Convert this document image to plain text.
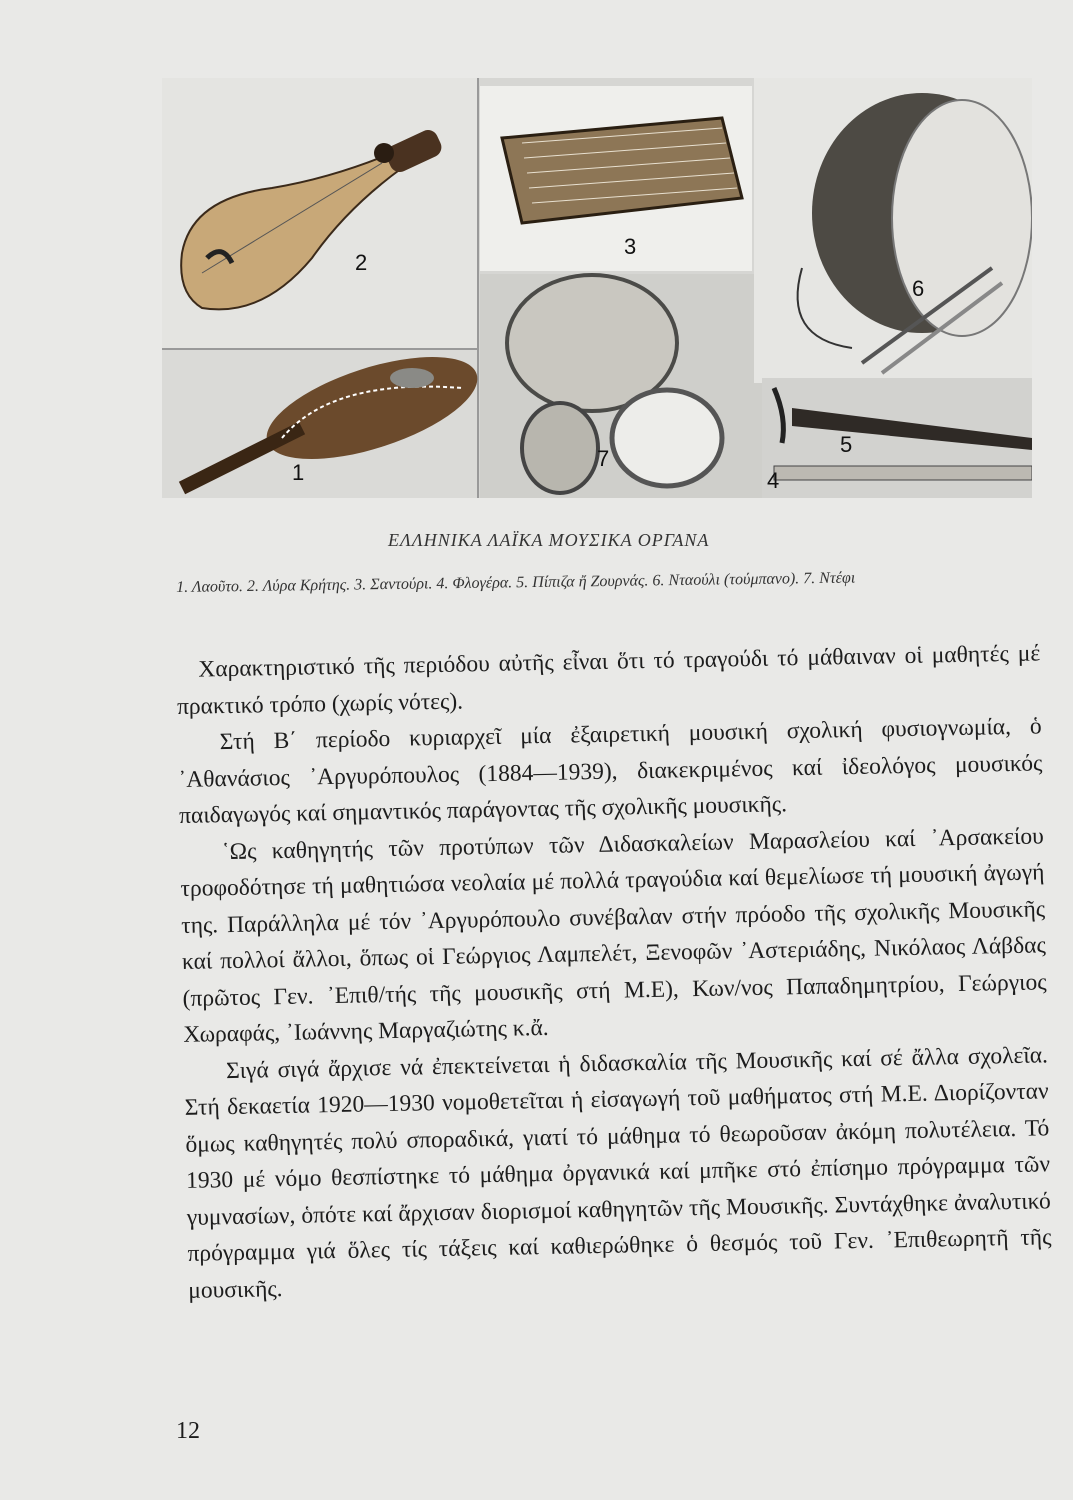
2
1
3
6
5
4
7
ΕΛΛΗΝΙΚΑ ΛΑΪΚΑ ΜΟΥΣΙΚΑ ΟΡΓΑΝΑ
1. Λαοῦτο. 2. Λύρα Κρήτης. 3. Σαντούρι. 4. Φλογέρα. 5. Πίπιζα ἤ Ζουρνάς. 6. Νταούλι (τούμπανο). 7. Ντέφι

Χαρακτηριστικό τῆς περιόδου αὐτῆς εἶναι ὅτι τό τραγούδι τό μάθαιναν οἱ μαθητές μέ πρακτικό τρόπο (χωρίς νότες).

Στή Β΄ περίοδο κυριαρχεῖ μία ἐξαιρετική μουσική σχολική φυσιογνωμία, ὁ ᾿Αθανάσιος ᾿Αργυρόπουλος (1884—1939), διακεκριμένος καί ἰδεολόγος μουσικός παιδαγωγός καί σημαντικός παράγοντας τῆς σχολικῆς μουσικῆς.

῾Ως καθηγητής τῶν προτύπων τῶν Διδασκαλείων Μαρασλείου καί ᾿Αρσακείου τροφοδότησε τή μαθητιώσα νεολαία μέ πολλά τραγούδια καί θεμελίωσε τή μουσική ἀγωγή της. Παράλληλα μέ τόν ᾿Αργυρόπουλο συνέβαλαν στήν πρόοδο τῆς σχολικῆς Μουσικῆς καί πολλοί ἄλλοι, ὅπως οἱ Γεώργιος Λαμπελέτ, Ξενοφῶν ᾿Αστεριάδης, Νικόλαος Λάβδας (πρῶτος Γεν. ᾿Επιθ/τής τῆς μουσικῆς στή Μ.Ε), Κων/νος Παπαδημητρίου, Γεώργιος Χωραφάς, ᾿Ιωάννης Μαργαζιώτης κ.ἄ.

Σιγά σιγά ἄρχισε νά ἐπεκτείνεται ἡ διδασκαλία τῆς Μουσικῆς καί σέ ἄλλα σχολεῖα. Στή δεκαετία 1920—1930 νομοθετεῖται ἡ εἰσαγωγή τοῦ μαθήματος στή Μ.Ε. Διορίζονταν ὅμως καθηγητές πολύ σποραδικά, γιατί τό μάθημα τό θεωροῦσαν ἀκόμη πολυτέλεια. Τό 1930 μέ νόμο θεσπίστηκε τό μάθημα ὀργανικά καί μπῆκε στό ἐπίσημο πρόγραμμα τῶν γυμνασίων, ὁπότε καί ἄρχισαν διορισμοί καθηγητῶν τῆς Μουσικῆς. Συντάχθηκε ἀναλυτικό πρόγραμμα γιά ὅλες τίς τάξεις καί καθιερώθηκε ὁ θεσμός τοῦ Γεν. ᾿Επιθεωρητῆ τῆς μουσικῆς.

12
